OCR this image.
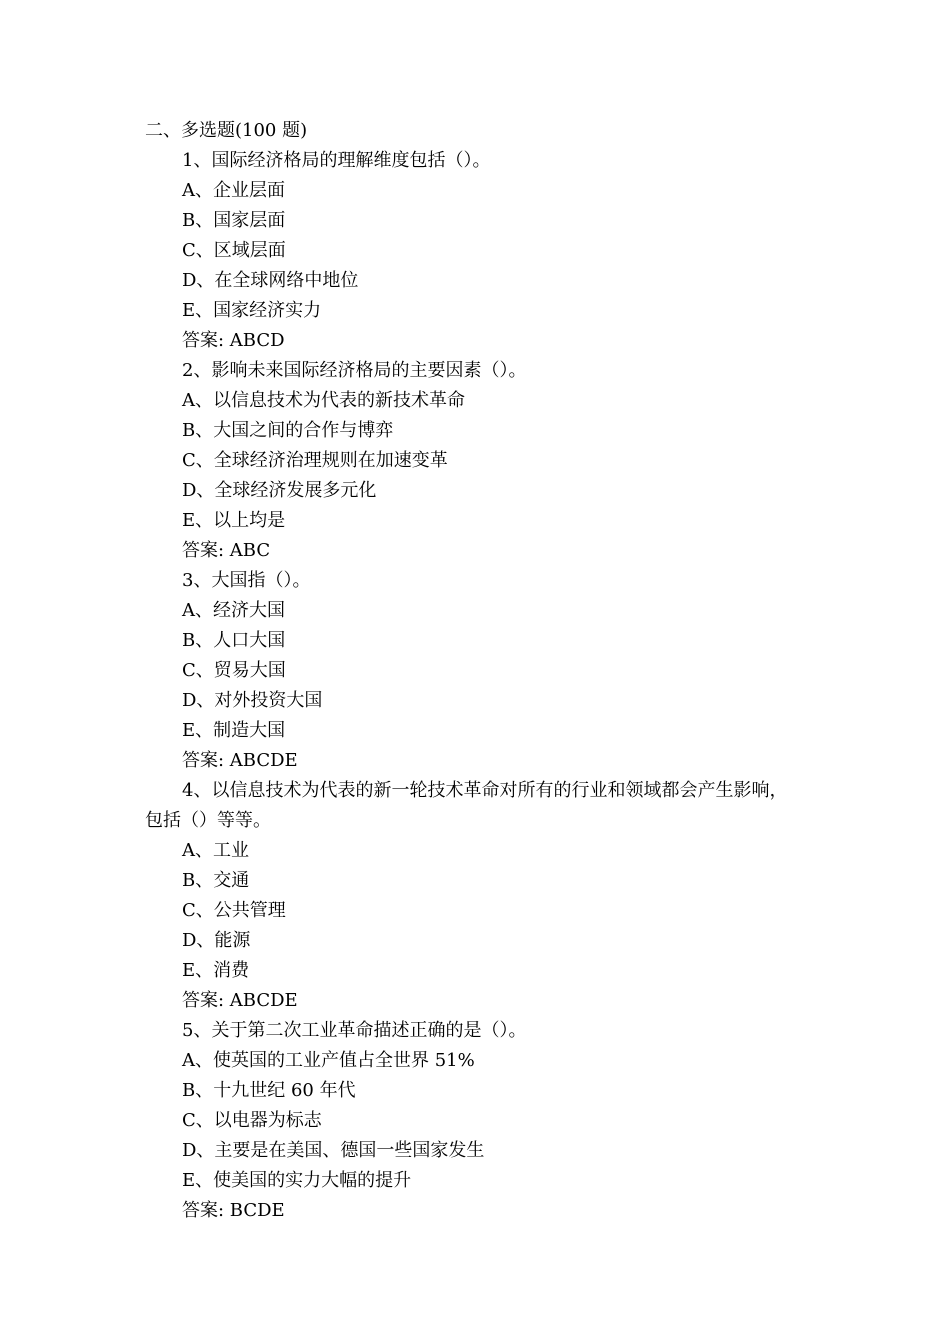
二、多选题(100 题)
1、国际经济格局的理解维度包括（）。
A、企业层面
B、国家层面
C、区域层面
D、在全球网络中地位
E、国家经济实力
答案: ABCD
2、影响未来国际经济格局的主要因素（）。
A、以信息技术为代表的新技术革命
B、大国之间的合作与博弈
C、全球经济治理规则在加速变革
D、全球经济发展多元化
E、以上均是
答案: ABC
3、大国指（）。
A、经济大国
B、人口大国
C、贸易大国
D、对外投资大国
E、制造大国
答案: ABCDE
4、以信息技术为代表的新一轮技术革命对所有的行业和领域都会产生影响，包括（）等等。
A、工业
B、交通
C、公共管理
D、能源
E、消费
答案: ABCDE
5、关于第二次工业革命描述正确的是（）。
A、使英国的工业产值占全世界 51%
B、十九世纪 60 年代
C、以电器为标志
D、主要是在美国、德国一些国家发生
E、使美国的实力大幅的提升
答案: BCDE
